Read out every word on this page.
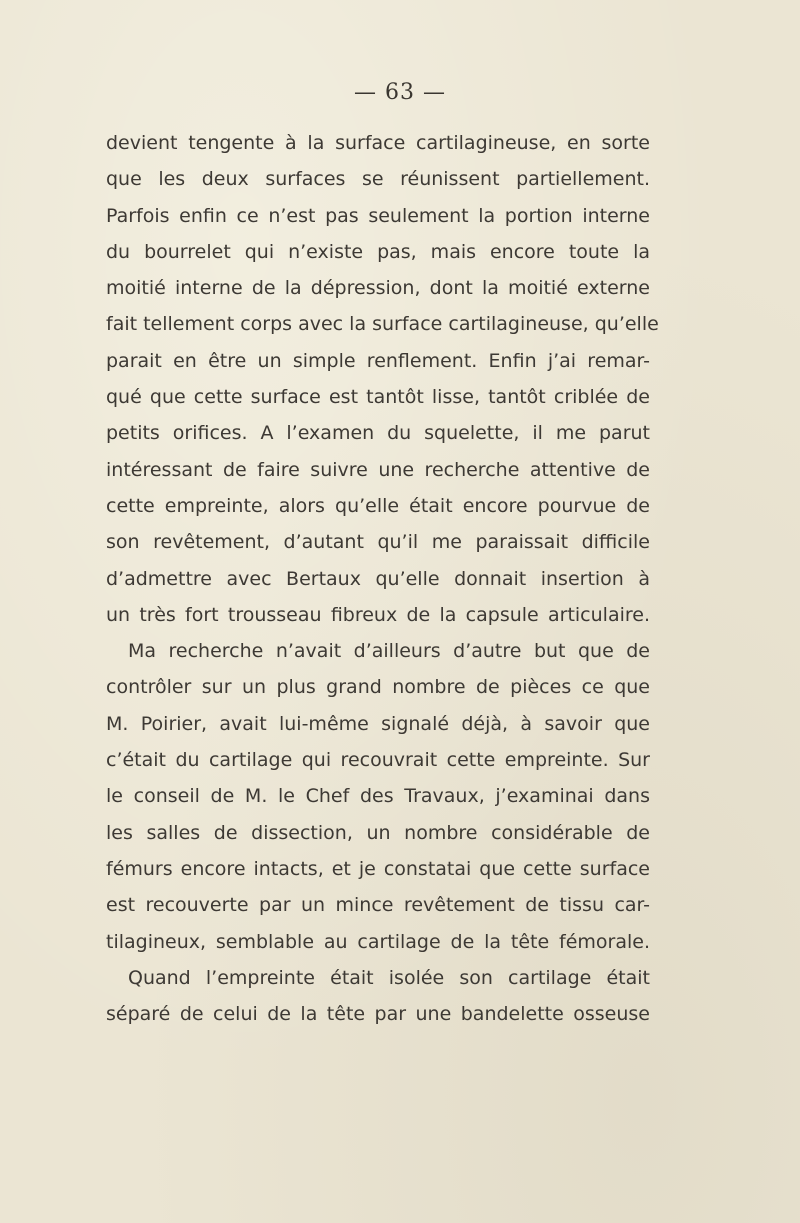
— 63 —
devient tengente à la surface cartilagineuse, en sorte
que les deux surfaces se réunissent partiellement.
Parfois enfin ce n’est pas seulement la portion interne
du bourrelet qui n’existe pas, mais encore toute la
moitié interne de la dépression, dont la moitié externe
fait tellement corps avec la surface cartilagineuse, qu’elle
parait en être un simple renflement. Enfin j’ai remar-
qué que cette surface est tantôt lisse, tantôt criblée de
petits orifices. A l’examen du squelette, il me parut
intéressant de faire suivre une recherche attentive de
cette empreinte, alors qu’elle était encore pourvue de
son revêtement, d’autant qu’il me paraissait difficile
d’admettre avec Bertaux qu’elle donnait insertion à
un très fort trousseau fibreux de la capsule articulaire.
Ma recherche n’avait d’ailleurs d’autre but que de
contrôler sur un plus grand nombre de pièces ce que
M. Poirier, avait lui-même signalé déjà, à savoir que
c’était du cartilage qui recouvrait cette empreinte. Sur
le conseil de M. le Chef des Travaux, j’examinai dans
les salles de dissection, un nombre considérable de
fémurs encore intacts, et je constatai que cette surface
est recouverte par un mince revêtement de tissu car-
tilagineux, semblable au cartilage de la tête fémorale.
Quand l’empreinte était isolée son cartilage était
séparé de celui de la tête par une bandelette osseuse
